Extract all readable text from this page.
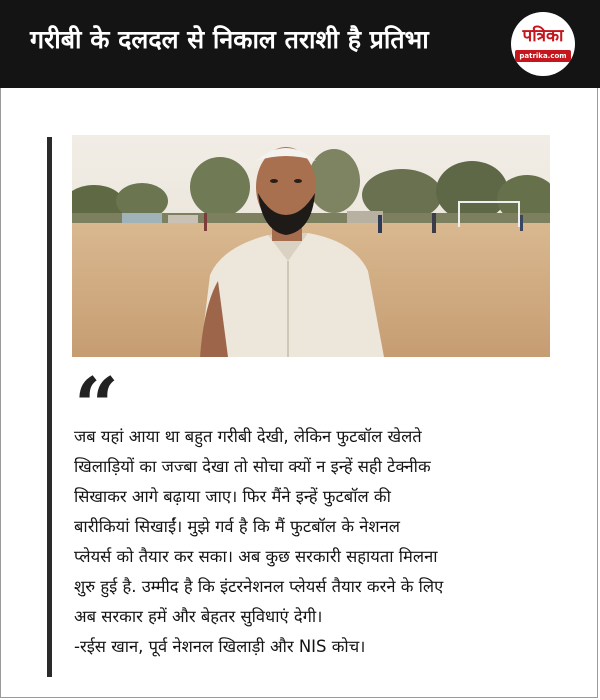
गरीबी के दलदल से निकाल तराशी है प्रतिभा	पत्रिका
patrika.com
“
जब यहां आया था बहुत गरीबी देखी, लेकिन फुटबॉल खेलते
खिलाड़ियों का जज्बा देखा तो सोचा क्यों न इन्हें सही टेक्नीक
सिखाकर आगे बढ़ाया जाए। फिर मैंने इन्हें फुटबॉल की
बारीकियां सिखाईं। मुझे गर्व है कि मैं फुटबॉल के नेशनल
प्लेयर्स को तैयार कर सका। अब कुछ सरकारी सहायता मिलना
शुरु हुई है. उम्मीद है कि इंटरनेशनल प्लेयर्स तैयार करने के लिए
अब सरकार हमें और बेहतर सुविधाएं देगी।
-रईस खान, पूर्व नेशनल खिलाड़ी और NIS कोच।
